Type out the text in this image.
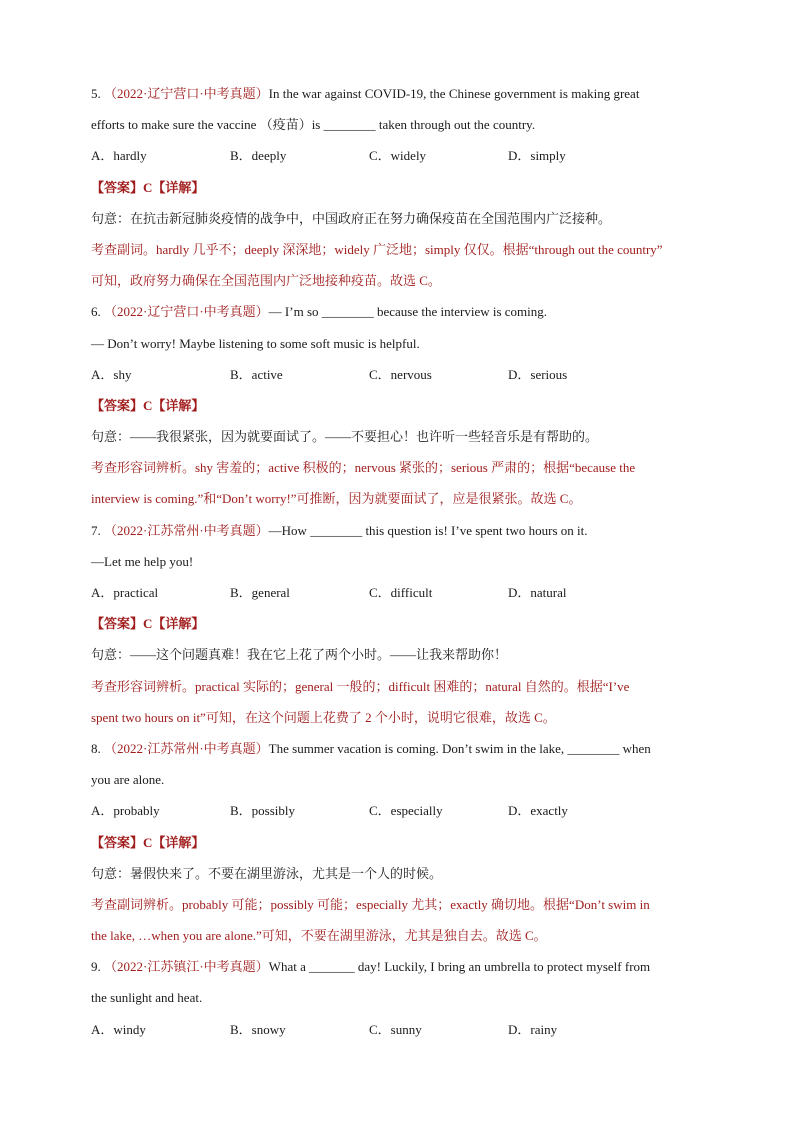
5. （2022·辽宁营口·中考真题）In the war against COVID-19, the Chinese government is making great
efforts to make sure the vaccine （疫苗）is ________ taken through out the country.
A．hardly	B．deeply	C．widely	D．simply
【答案】C【详解】
句意：在抗击新冠肺炎疫情的战争中，中国政府正在努力确保疫苗在全国范围内广泛接种。
考查副词。hardly 几乎不；deeply 深深地；widely 广泛地；simply 仅仅。根据“through out the country”
可知，政府努力确保在全国范围内广泛地接种疫苗。故选 C。
6. （2022·辽宁营口·中考真题）— I’m so ________ because the interview is coming.
— Don’t worry! Maybe listening to some soft music is helpful.
A．shy	B．active	C．nervous	D．serious
【答案】C【详解】
句意：——我很紧张，因为就要面试了。——不要担心！也许听一些轻音乐是有帮助的。
考查形容词辨析。shy 害羞的；active 积极的；nervous 紧张的；serious 严肃的；根据“because the
interview is coming.”和“Don’t worry!”可推断，因为就要面试了，应是很紧张。故选 C。
7. （2022·江苏常州·中考真题）—How ________ this question is! I’ve spent two hours on it.
—Let me help you!
A．practical	B．general	C．difficult	D．natural
【答案】C【详解】
句意：——这个问题真难！我在它上花了两个小时。——让我来帮助你！
考查形容词辨析。practical 实际的；general 一般的；difficult 困难的；natural 自然的。根据“I’ve
spent two hours on it”可知，在这个问题上花费了 2 个小时，说明它很难，故选 C。
8. （2022·江苏常州·中考真题）The summer vacation is coming. Don’t swim in the lake, ________ when
you are alone.
A．probably	B．possibly	C．especially	D．exactly
【答案】C【详解】
句意：暑假快来了。不要在湖里游泳，尤其是一个人的时候。
考查副词辨析。probably 可能；possibly 可能；especially 尤其；exactly 确切地。根据“Don’t swim in
the lake, …when you are alone.”可知，不要在湖里游泳，尤其是独自去。故选 C。
9. （2022·江苏镇江·中考真题）What a _______ day! Luckily, I bring an umbrella to protect myself from
the sunlight and heat.
A．windy	B．snowy	C．sunny	D．rainy
